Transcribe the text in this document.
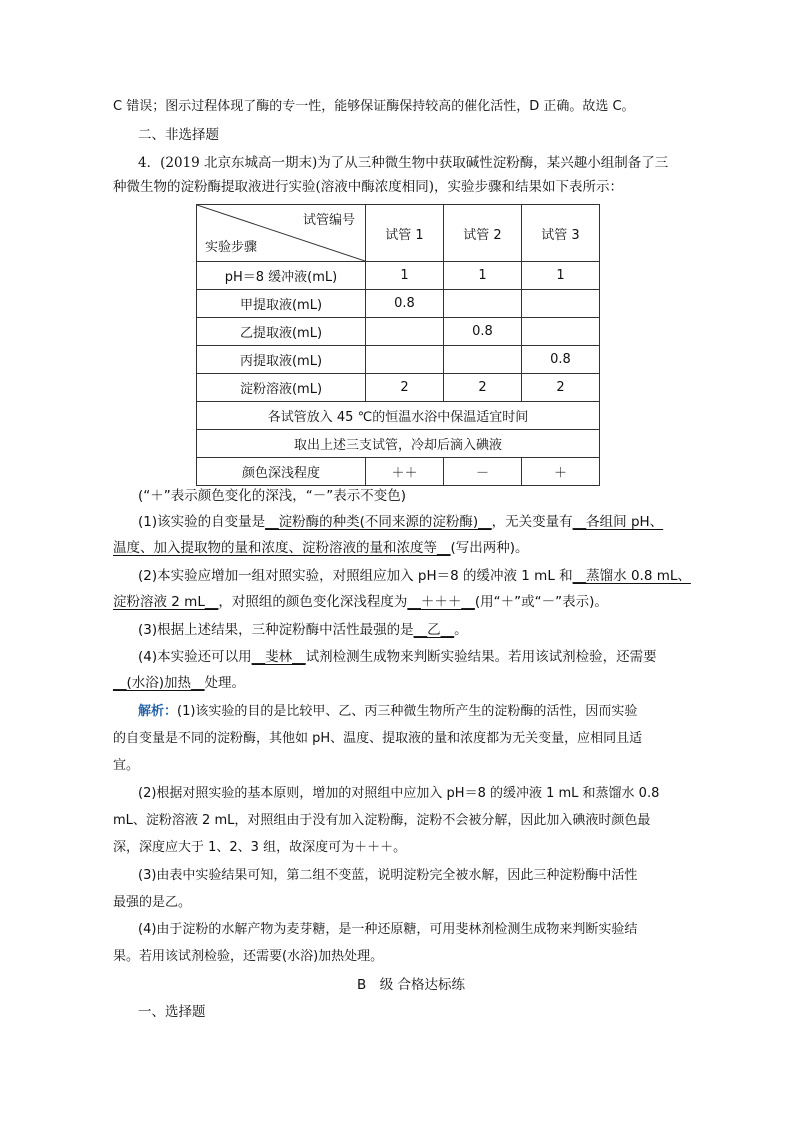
C 错误；图示过程体现了酶的专一性，能够保证酶保持较高的催化活性，D 正确。故选 C。
二、非选择题
4．(2019 北京东城高一期末)为了从三种微生物中获取碱性淀粉酶，某兴趣小组制备了三
种微生物的淀粉酶提取液进行实验(溶液中酶浓度相同)，实验步骤和结果如下表所示：
试管编号
实验步骤	试管 1	试管 2	试管 3
pH＝8 缓冲液(mL)	1	1	1
甲提取液(mL)	0.8		
乙提取液(mL)		0.8	
丙提取液(mL)			0.8
淀粉溶液(mL)	2	2	2
各试管放入 45 ℃的恒温水浴中保温适宜时间			
取出上述三支试管，冷却后滴入碘液			
颜色深浅程度	＋＋	－	＋
(“＋”表示颜色变化的深浅，“－”表示不变色)
(1)该实验的自变量是__淀粉酶的种类(不同来源的淀粉酶)__，无关变量有__各组间 pH、
温度、加入提取物的量和浓度、淀粉溶液的量和浓度等__(写出两种)。
(2)本实验应增加一组对照实验，对照组应加入 pH＝8 的缓冲液 1 mL 和__蒸馏水 0.8 mL、
淀粉溶液 2 mL__，对照组的颜色变化深浅程度为__＋＋＋__(用“＋”或“－”表示)。
(3)根据上述结果，三种淀粉酶中活性最强的是__乙__。
(4)本实验还可以用__斐林__试剂检测生成物来判断实验结果。若用该试剂检验，还需要
__(水浴)加热__处理。
解析：(1)该实验的目的是比较甲、乙、丙三种微生物所产生的淀粉酶的活性，因而实验
的自变量是不同的淀粉酶，其他如 pH、温度、提取液的量和浓度都为无关变量，应相同且适
宜。
(2)根据对照实验的基本原则，增加的对照组中应加入 pH＝8 的缓冲液 1 mL 和蒸馏水 0.8
mL、淀粉溶液 2 mL，对照组由于没有加入淀粉酶，淀粉不会被分解，因此加入碘液时颜色最
深，深度应大于 1、2、3 组，故深度可为＋＋＋。
(3)由表中实验结果可知，第二组不变蓝，说明淀粉完全被水解，因此三种淀粉酶中活性
最强的是乙。
(4)由于淀粉的水解产物为麦芽糖，是一种还原糖，可用斐林剂检测生成物来判断实验结
果。若用该试剂检验，还需要(水浴)加热处理。
B　级 合格达标练
一、选择题
